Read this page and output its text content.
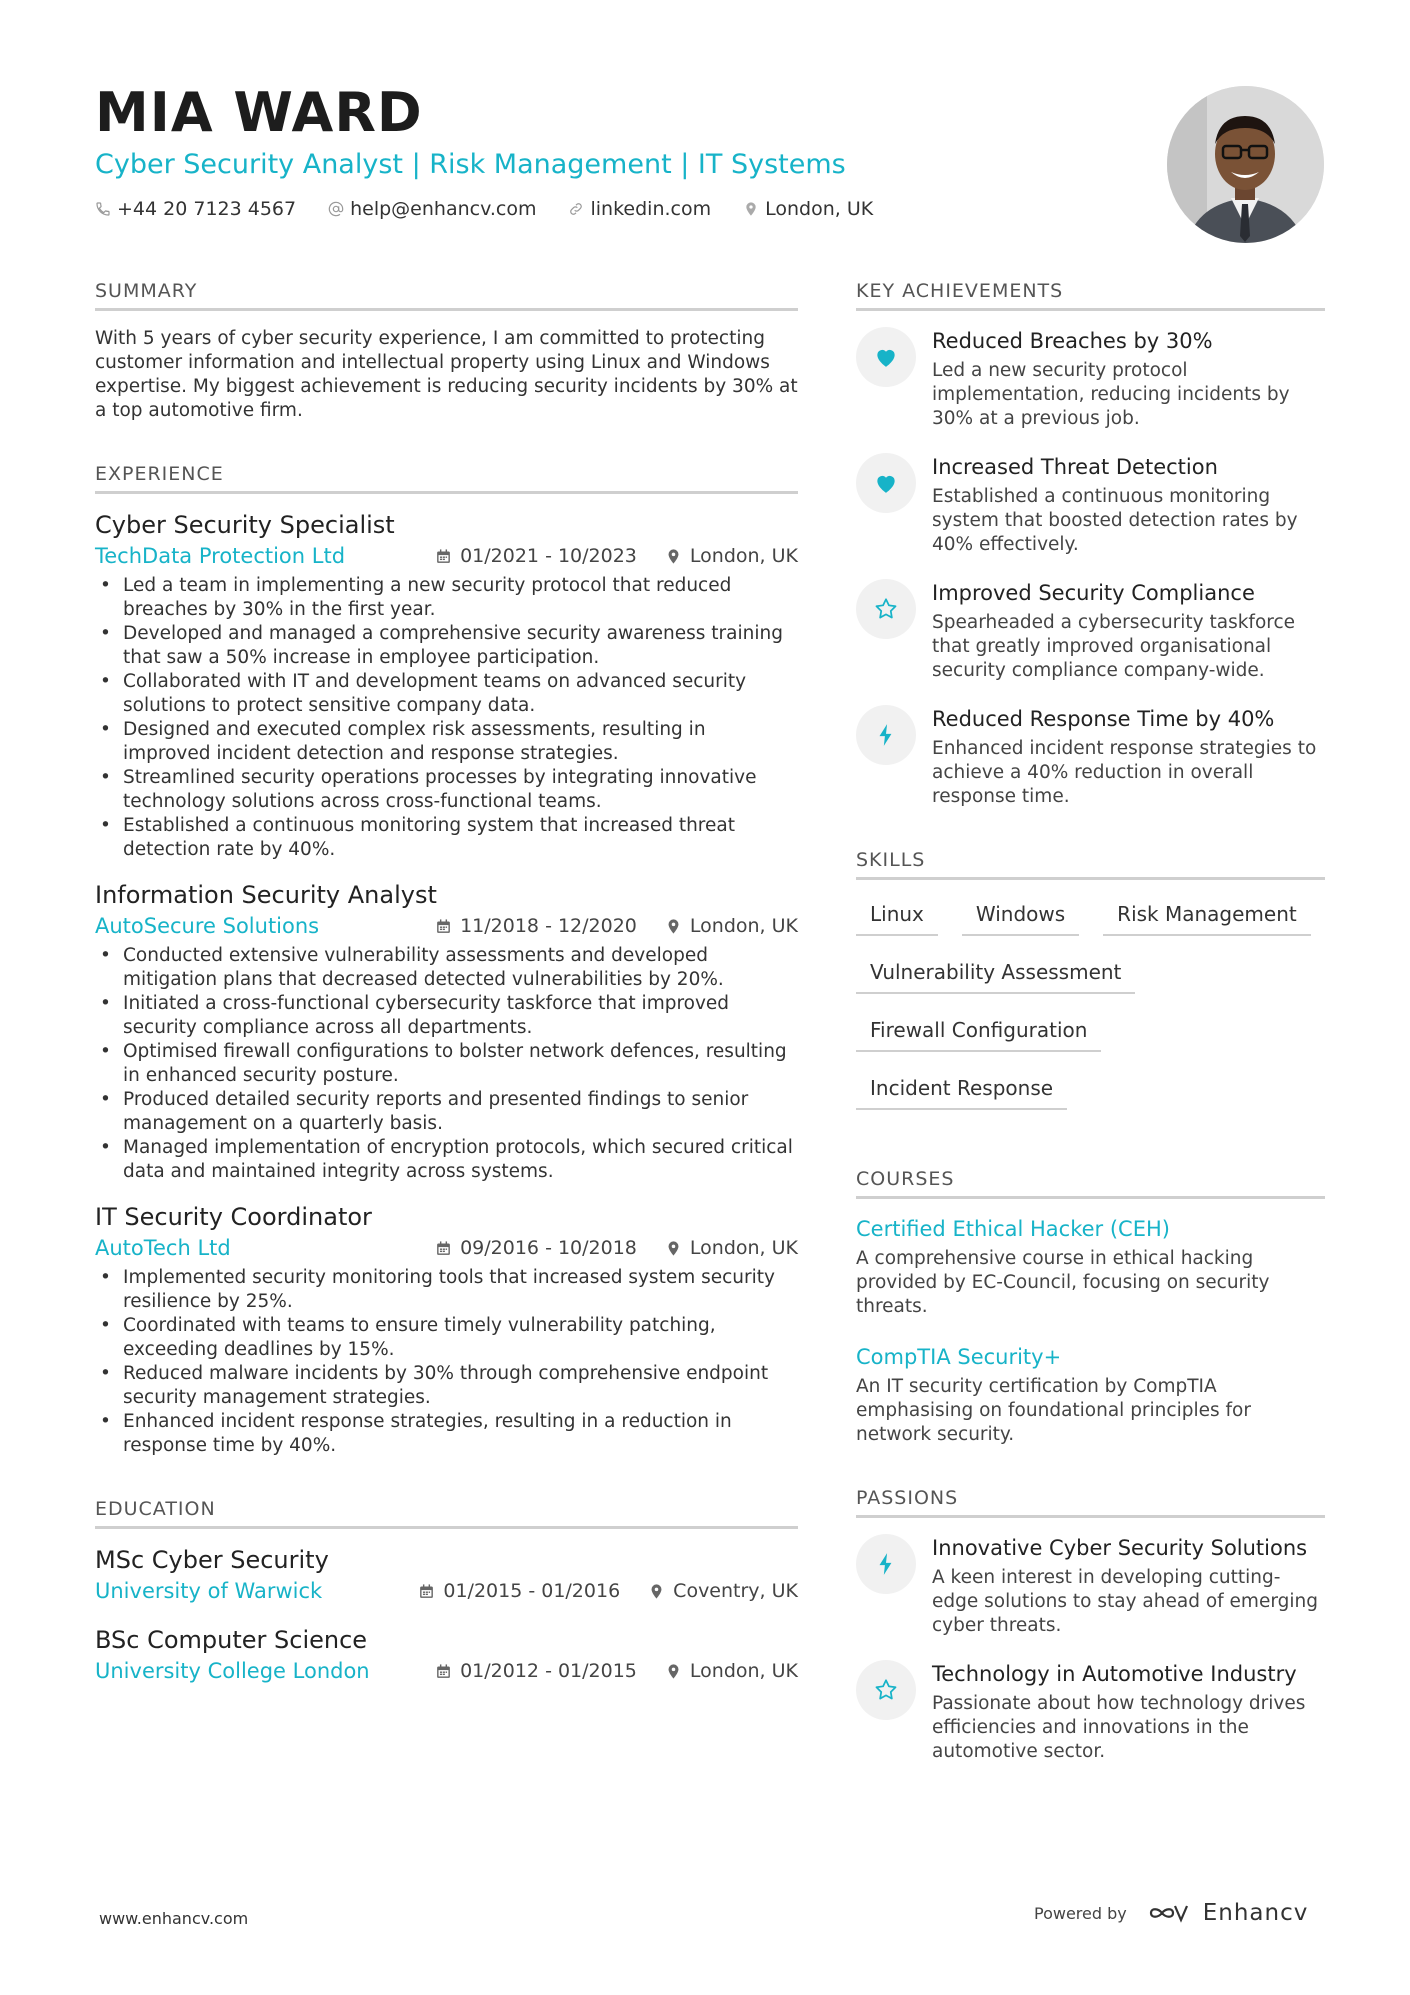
MIA WARD
Cyber Security Analyst | Risk Management | IT Systems
+44 20 7123 4567	help@enhancv.com	linkedin.com	London, UK
SUMMARY

With 5 years of cyber security experience, I am committed to protecting customer information and intellectual property using Linux and Windows expertise. My biggest achievement is reducing security incidents by 30% at a top automotive firm.

EXPERIENCE
Cyber Security Specialist
TechData Protection Ltd	01/2021 - 10/2023	London, UK
• Led a team in implementing a new security protocol that reduced breaches by 30% in the first year.
• Developed and managed a comprehensive security awareness training that saw a 50% increase in employee participation.
• Collaborated with IT and development teams on advanced security solutions to protect sensitive company data.
• Designed and executed complex risk assessments, resulting in improved incident detection and response strategies.
• Streamlined security operations processes by integrating innovative technology solutions across cross-functional teams.
• Established a continuous monitoring system that increased threat detection rate by 40%.
Information Security Analyst
AutoSecure Solutions	11/2018 - 12/2020	London, UK
• Conducted extensive vulnerability assessments and developed mitigation plans that decreased detected vulnerabilities by 20%.
• Initiated a cross-functional cybersecurity taskforce that improved security compliance across all departments.
• Optimised firewall configurations to bolster network defences, resulting in enhanced security posture.
• Produced detailed security reports and presented findings to senior management on a quarterly basis.
• Managed implementation of encryption protocols, which secured critical data and maintained integrity across systems.
IT Security Coordinator
AutoTech Ltd	09/2016 - 10/2018	London, UK
• Implemented security monitoring tools that increased system security resilience by 25%.
• Coordinated with teams to ensure timely vulnerability patching, exceeding deadlines by 15%.
• Reduced malware incidents by 30% through comprehensive endpoint security management strategies.
• Enhanced incident response strategies, resulting in a reduction in response time by 40%.
EDUCATION
MSc Cyber Security
University of Warwick	01/2015 - 01/2016	Coventry, UK
BSc Computer Science
University College London	01/2012 - 01/2015	London, UK
KEY ACHIEVEMENTS
Reduced Breaches by 30%
Led a new security protocol implementation, reducing incidents by 30% at a previous job.
Increased Threat Detection
Established a continuous monitoring system that boosted detection rates by 40% effectively.
Improved Security Compliance
Spearheaded a cybersecurity taskforce that greatly improved organisational security compliance company-wide.
Reduced Response Time by 40%
Enhanced incident response strategies to achieve a 40% reduction in overall response time.
SKILLS
Linux	Windows	Risk Management
Vulnerability Assessment
Firewall Configuration
Incident Response
COURSES
Certified Ethical Hacker (CEH)
A comprehensive course in ethical hacking provided by EC-Council, focusing on security threats.
CompTIA Security+
An IT security certification by CompTIA emphasising on foundational principles for network security.
PASSIONS
Innovative Cyber Security Solutions
A keen interest in developing cutting-edge solutions to stay ahead of emerging cyber threats.
Technology in Automotive Industry
Passionate about how technology drives efficiencies and innovations in the automotive sector.
www.enhancv.com	Powered by	Enhancv
